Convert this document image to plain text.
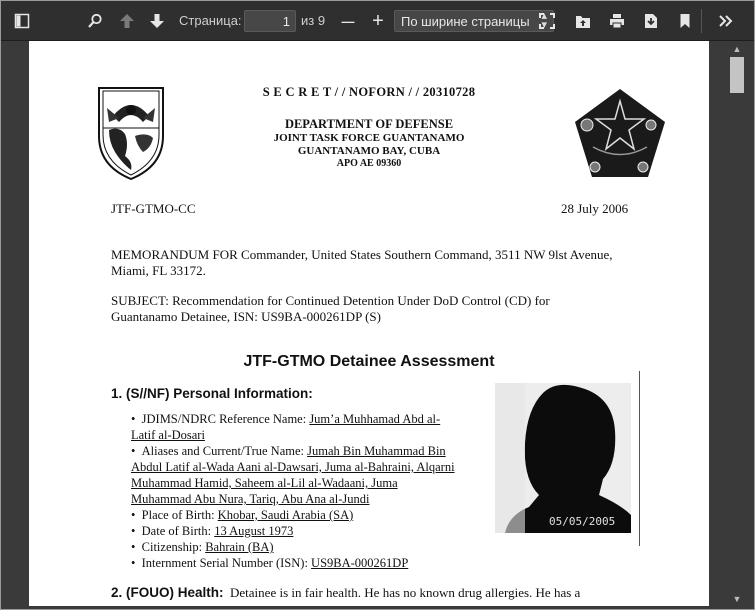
Страница:	1 из 9 — +	По ширине страницы ▴
▾
S E C R E T / / NOFORN / / 20310728
DEPARTMENT OF DEFENSE
JOINT TASK FORCE GUANTANAMO
GUANTANAMO BAY, CUBA
APO AE 09360
JTF-GTMO-CC	28 July 2006
MEMORANDUM FOR Commander, United States Southern Command, 3511 NW 9lst Avenue,
Miami, FL 33172.
SUBJECT: Recommendation for Continued Detention Under DoD Control (CD) for
Guantanamo Detainee, ISN: US9BA-000261DP (S)
JTF-GTMO Detainee Assessment
1. (S//NF) Personal Information:
• JDIMS/NDRC Reference Name: Jum’a Muhhamad Abd al-
Latif al-Dosari
• Aliases and Current/True Name: Jumah Bin Muhammad Bin
Abdul Latif al-Wada Aani al-Dawsari, Juma al-Bahraini, Alqarni
Muhammad Hamid, Saheem al-Lil al-Wadaani, Juma
Muhammad Abu Nura, Tariq, Abu Ana al-Jundi
• Place of Birth: Khobar, Saudi Arabia (SA)
• Date of Birth: 13 August 1973
• Citizenship: Bahrain (BA)
• Internment Serial Number (ISN): US9BA-000261DP
05/05/2005
2. (FOUO) Health: Detainee is in fair health. He has no known drug allergies. He has a
▲
▼
